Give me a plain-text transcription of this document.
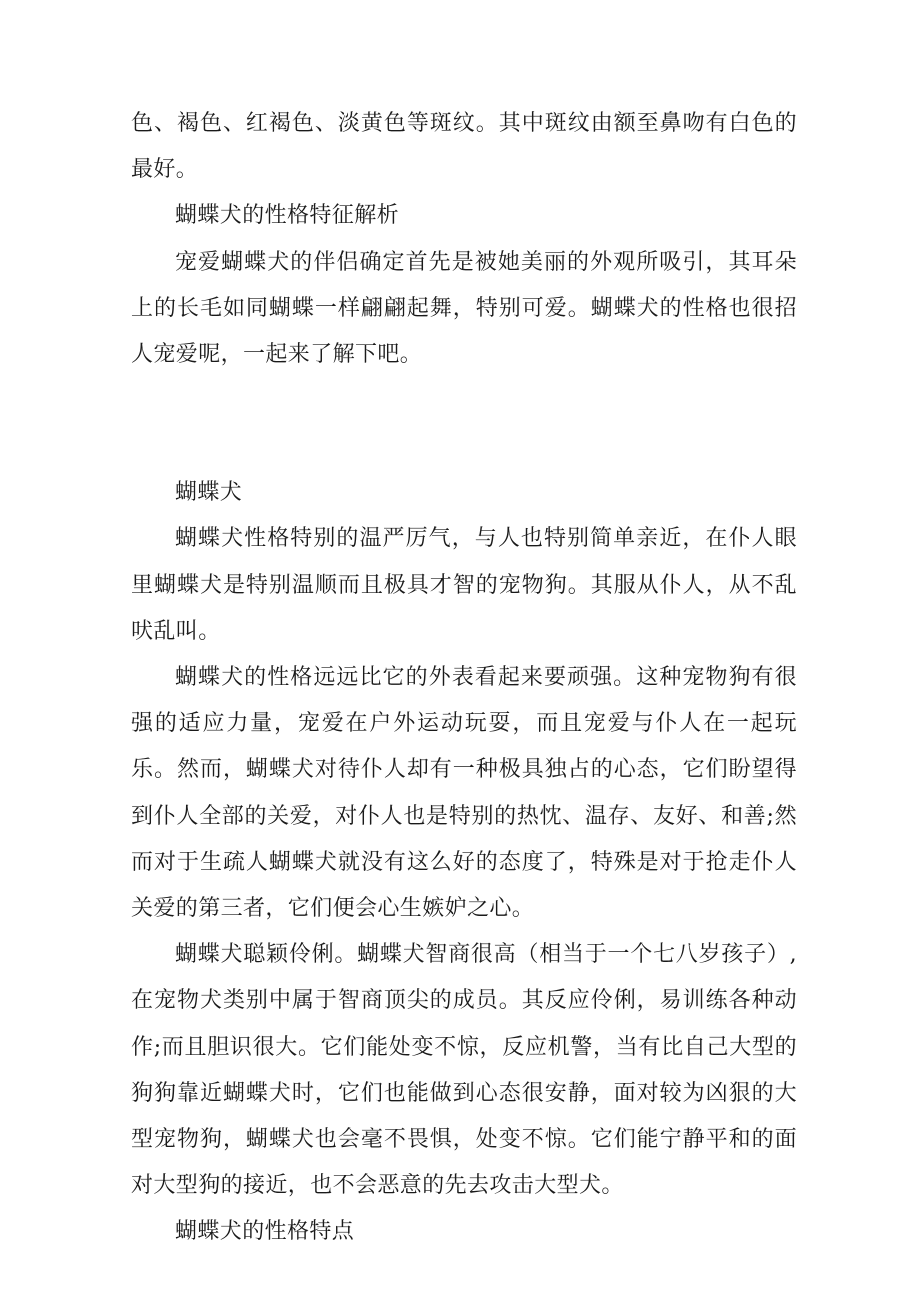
色、褐色、红褐色、淡黄色等斑纹。其中斑纹由额至鼻吻有白色的最好。

蝴蝶犬的性格特征解析

宠爱蝴蝶犬的伴侣确定首先是被她美丽的外观所吸引，其耳朵上的长毛如同蝴蝶一样翩翩起舞，特别可爱。蝴蝶犬的性格也很招人宠爱呢，一起来了解下吧。

蝴蝶犬

蝴蝶犬性格特别的温严厉气，与人也特别简单亲近，在仆人眼里蝴蝶犬是特别温顺而且极具才智的宠物狗。其服从仆人，从不乱吠乱叫。

蝴蝶犬的性格远远比它的外表看起来要顽强。这种宠物狗有很强的适应力量，宠爱在户外运动玩耍，而且宠爱与仆人在一起玩乐。然而，蝴蝶犬对待仆人却有一种极具独占的心态，它们盼望得到仆人全部的关爱，对仆人也是特别的热忱、温存、友好、和善;然而对于生疏人蝴蝶犬就没有这么好的态度了，特殊是对于抢走仆人关爱的第三者，它们便会心生嫉妒之心。

蝴蝶犬聪颖伶俐。蝴蝶犬智商很高（相当于一个七八岁孩子）,在宠物犬类别中属于智商顶尖的成员。其反应伶俐，易训练各种动作;而且胆识很大。它们能处变不惊，反应机警，当有比自己大型的狗狗靠近蝴蝶犬时，它们也能做到心态很安静，面对较为凶狠的大型宠物狗，蝴蝶犬也会毫不畏惧，处变不惊。它们能宁静平和的面对大型狗的接近，也不会恶意的先去攻击大型犬。

蝴蝶犬的性格特点
